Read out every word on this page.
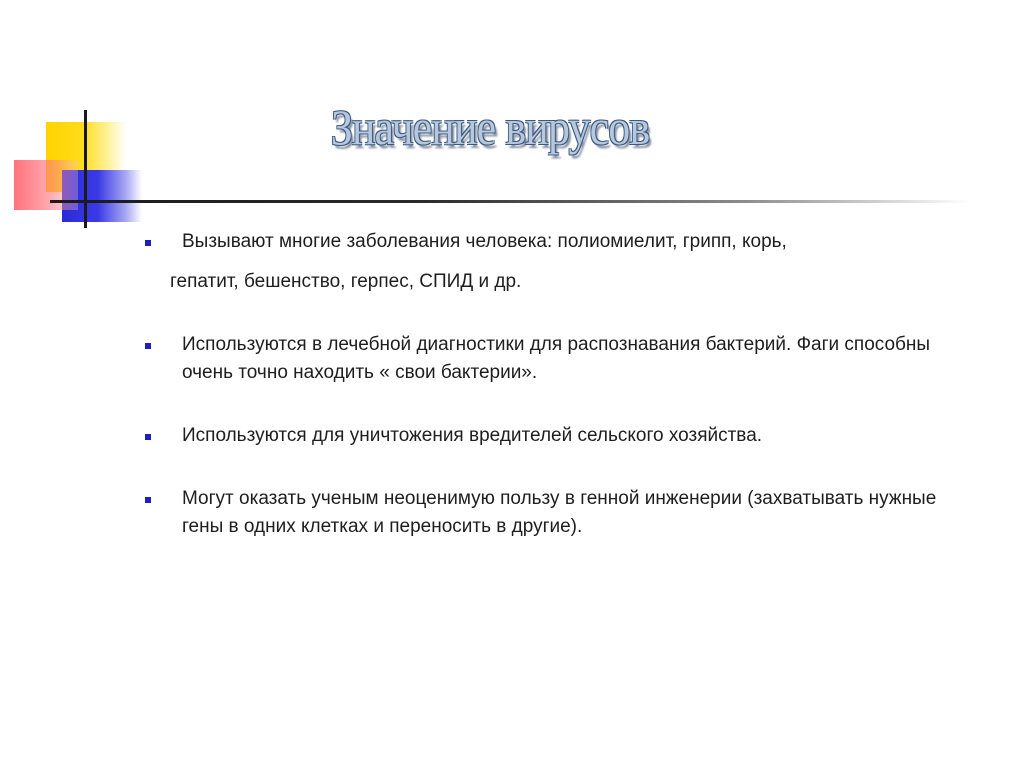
Значение вирусов
Вызывают многие заболевания человека: полиомиелит, грипп, корь,
гепатит, бешенство, герпес, СПИД и др.
Используются в лечебной диагностики для распознавания бактерий. Фаги способны очень точно находить « свои бактерии».
Используются для уничтожения вредителей сельского хозяйства.
Могут оказать ученым неоценимую пользу в генной инженерии (захватывать нужные гены в одних клетках и переносить в другие).
